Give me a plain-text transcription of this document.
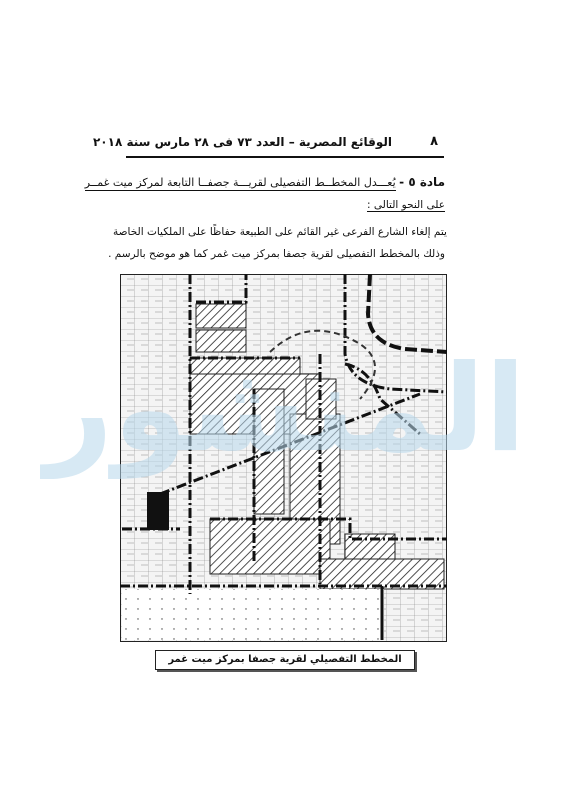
٨
الوقائع المصرية – العدد ٧٣ فى ٢٨ مارس سنة ٢٠١٨
مادة ٥ - يُعـــدل المخطــط التفصيلى لقريـــة جصفــا التابعة لمركز ميت غمــر
على النحو التالى :
يتم إلغاء الشارع الفرعى غير القائم على الطبيعة حفاظًا على الملكيات الخاصة
وذلك بالمخطط التفصيلى لقرية جصفا بمركز ميت غمر كما هو موضح بالرسم .
المخطط التفصيلي لقرية جصفا بمركز ميت غمر
المنشور
